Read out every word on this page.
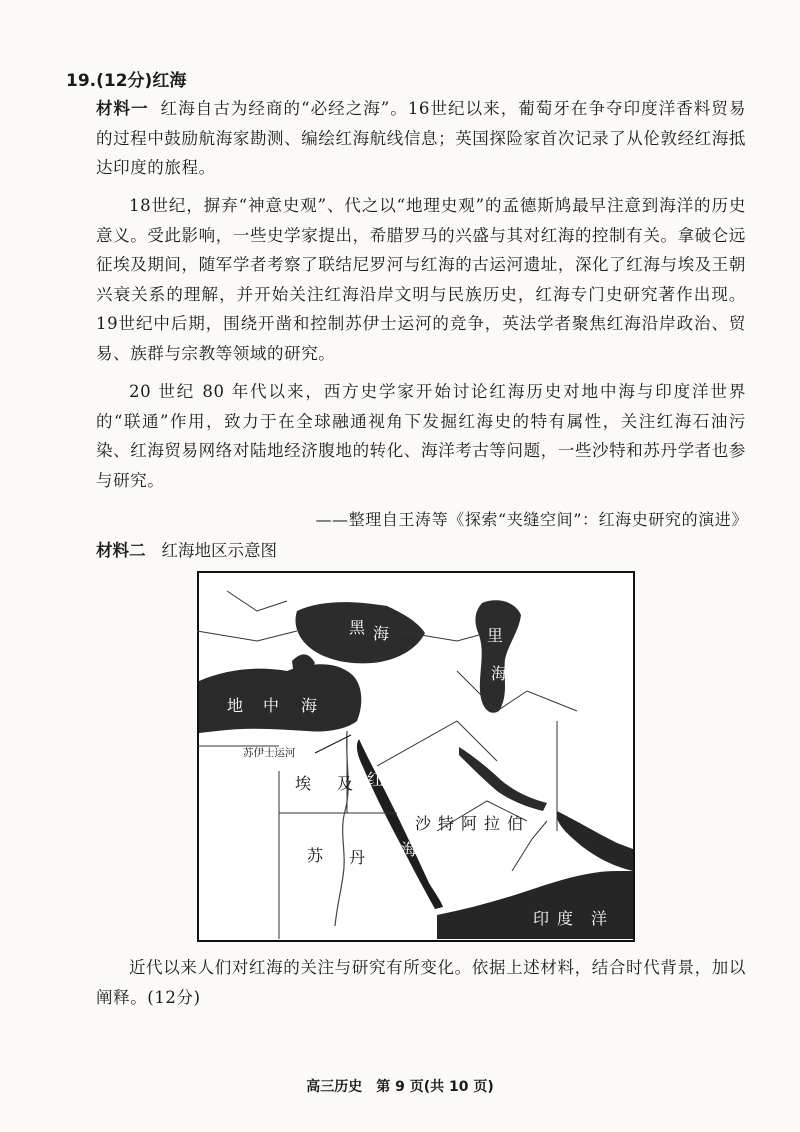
19.(12分)红海
材料一 红海自古为经商的“必经之海”。16世纪以来，葡萄牙在争夺印度洋香料贸易的过程中鼓励航海家勘测、编绘红海航线信息；英国探险家首次记录了从伦敦经红海抵达印度的旅程。
18世纪，摒弃“神意史观”、代之以“地理史观”的孟德斯鸠最早注意到海洋的历史意义。受此影响，一些史学家提出，希腊罗马的兴盛与其对红海的控制有关。拿破仑远征埃及期间，随军学者考察了联结尼罗河与红海的古运河遗址，深化了红海与埃及王朝兴衰关系的理解，并开始关注红海沿岸文明与民族历史，红海专门史研究著作出现。19世纪中后期，围绕开凿和控制苏伊士运河的竞争，英法学者聚焦红海沿岸政治、贸易、族群与宗教等领域的研究。
20 世纪 80 年代以来，西方史学家开始讨论红海历史对地中海与印度洋世界的“联通”作用，致力于在全球融通视角下发掘红海史的特有属性，关注红海石油污染、红海贸易网络对陆地经济腹地的转化、海洋考古等问题，一些沙特和苏丹学者也参与研究。
——整理自王涛等《探索“夹缝空间”：红海史研究的演进》
材料二 红海地区示意图
黑 海	里
海
地 中 海
苏伊士运河
埃 及 红
海
沙特阿拉伯
苏 丹
印 度 洋
近代以来人们对红海的关注与研究有所变化。依据上述材料，结合时代背景，加以阐释。(12分)
高三历史　第 9 页(共 10 页)
